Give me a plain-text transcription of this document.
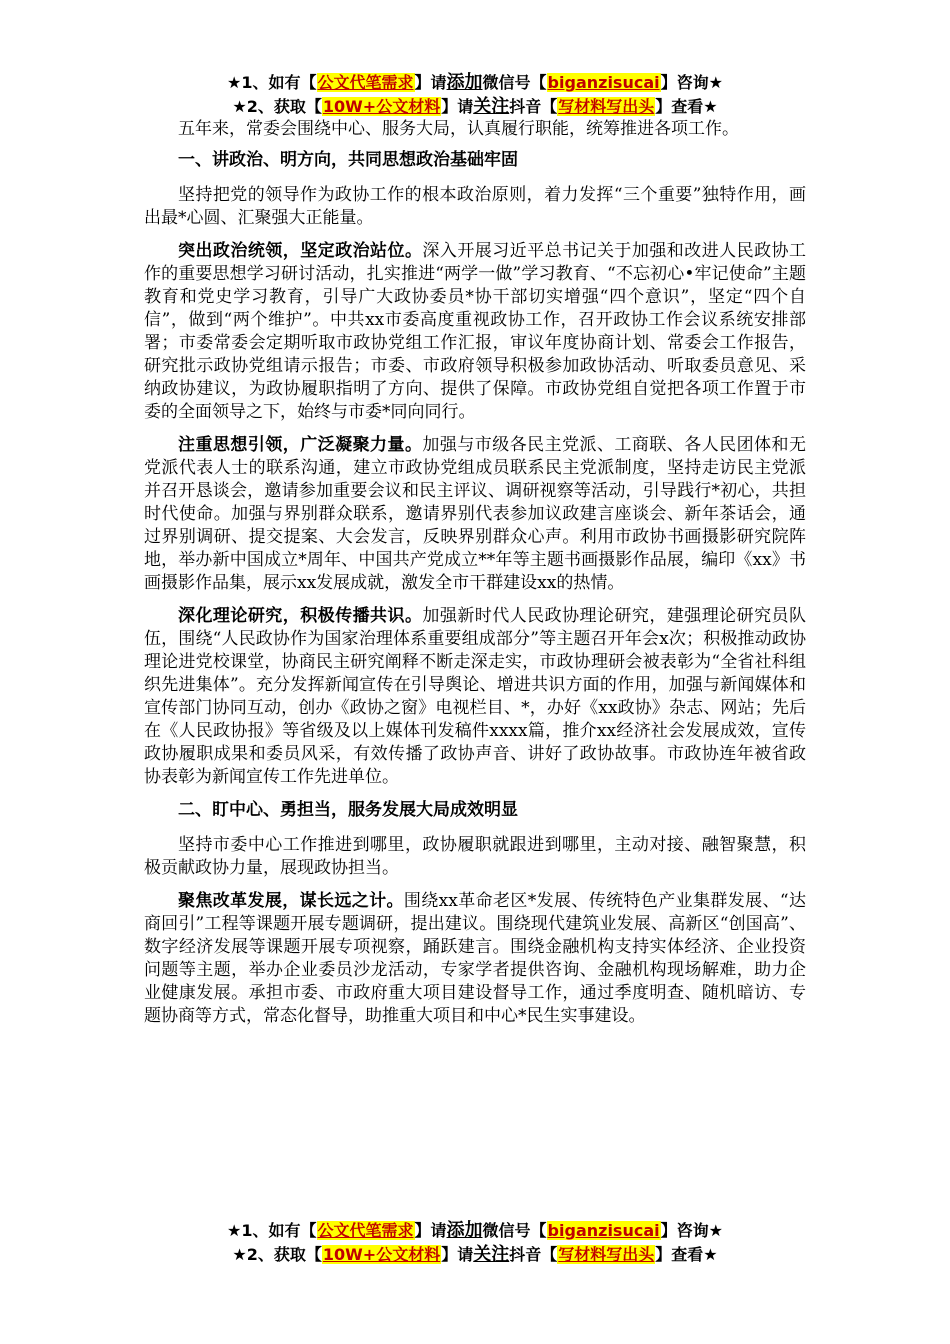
★1、如有【公文代笔需求】请添加微信号【biganzisucai】咨询★
★2、获取【10W+公文材料】请关注抖音【写材料写出头】查看★

五年来，常委会围绕中心、服务大局，认真履行职能，统筹推进各项工作。

一、讲政治、明方向，共同思想政治基础牢固

坚持把党的领导作为政协工作的根本政治原则，着力发挥“三个重要”独特作用，画出最*心圆、汇聚强大正能量。

突出政治统领，坚定政治站位。深入开展习近平总书记关于加强和改进人民政协工作的重要思想学习研讨活动，扎实推进“两学一做”学习教育、“不忘初心•牢记使命”主题教育和党史学习教育，引导广大政协委员*协干部切实增强“四个意识”，坚定“四个自信”，做到“两个维护”。中共xx市委高度重视政协工作，召开政协工作会议系统安排部署；市委常委会定期听取市政协党组工作汇报，审议年度协商计划、常委会工作报告，研究批示政协党组请示报告；市委、市政府领导积极参加政协活动、听取委员意见、采纳政协建议，为政协履职指明了方向、提供了保障。市政协党组自觉把各项工作置于市委的全面领导之下，始终与市委*同向同行。

注重思想引领，广泛凝聚力量。加强与市级各民主党派、工商联、各人民团体和无党派代表人士的联系沟通，建立市政协党组成员联系民主党派制度，坚持走访民主党派并召开恳谈会，邀请参加重要会议和民主评议、调研视察等活动，引导践行*初心，共担时代使命。加强与界别群众联系，邀请界别代表参加议政建言座谈会、新年茶话会，通过界别调研、提交提案、大会发言，反映界别群众心声。利用市政协书画摄影研究院阵地，举办新中国成立*周年、中国共产党成立**年等主题书画摄影作品展，编印《xx》书画摄影作品集，展示xx发展成就，激发全市干群建设xx的热情。

深化理论研究，积极传播共识。加强新时代人民政协理论研究，建强理论研究员队伍，围绕“人民政协作为国家治理体系重要组成部分”等主题召开年会x次；积极推动政协理论进党校课堂，协商民主研究阐释不断走深走实，市政协理研会被表彰为“全省社科组织先进集体”。充分发挥新闻宣传在引导舆论、增进共识方面的作用，加强与新闻媒体和宣传部门协同互动，创办《政协之窗》电视栏目、*，办好《xx政协》杂志、网站；先后在《人民政协报》等省级及以上媒体刊发稿件xxxx篇，推介xx经济社会发展成效，宣传政协履职成果和委员风采，有效传播了政协声音、讲好了政协故事。市政协连年被省政协表彰为新闻宣传工作先进单位。

二、盯中心、勇担当，服务发展大局成效明显

坚持市委中心工作推进到哪里，政协履职就跟进到哪里，主动对接、融智聚慧，积极贡献政协力量，展现政协担当。

聚焦改革发展，谋长远之计。围绕xx革命老区*发展、传统特色产业集群发展、“达商回引”工程等课题开展专题调研，提出建议。围绕现代建筑业发展、高新区“创国高”、数字经济发展等课题开展专项视察，踊跃建言。围绕金融机构支持实体经济、企业投资问题等主题，举办企业委员沙龙活动，专家学者提供咨询、金融机构现场解难，助力企业健康发展。承担市委、市政府重大项目建设督导工作，通过季度明查、随机暗访、专题协商等方式，常态化督导，助推重大项目和中心*民生实事建设。

★1、如有【公文代笔需求】请添加微信号【biganzisucai】咨询★
★2、获取【10W+公文材料】请关注抖音【写材料写出头】查看★
